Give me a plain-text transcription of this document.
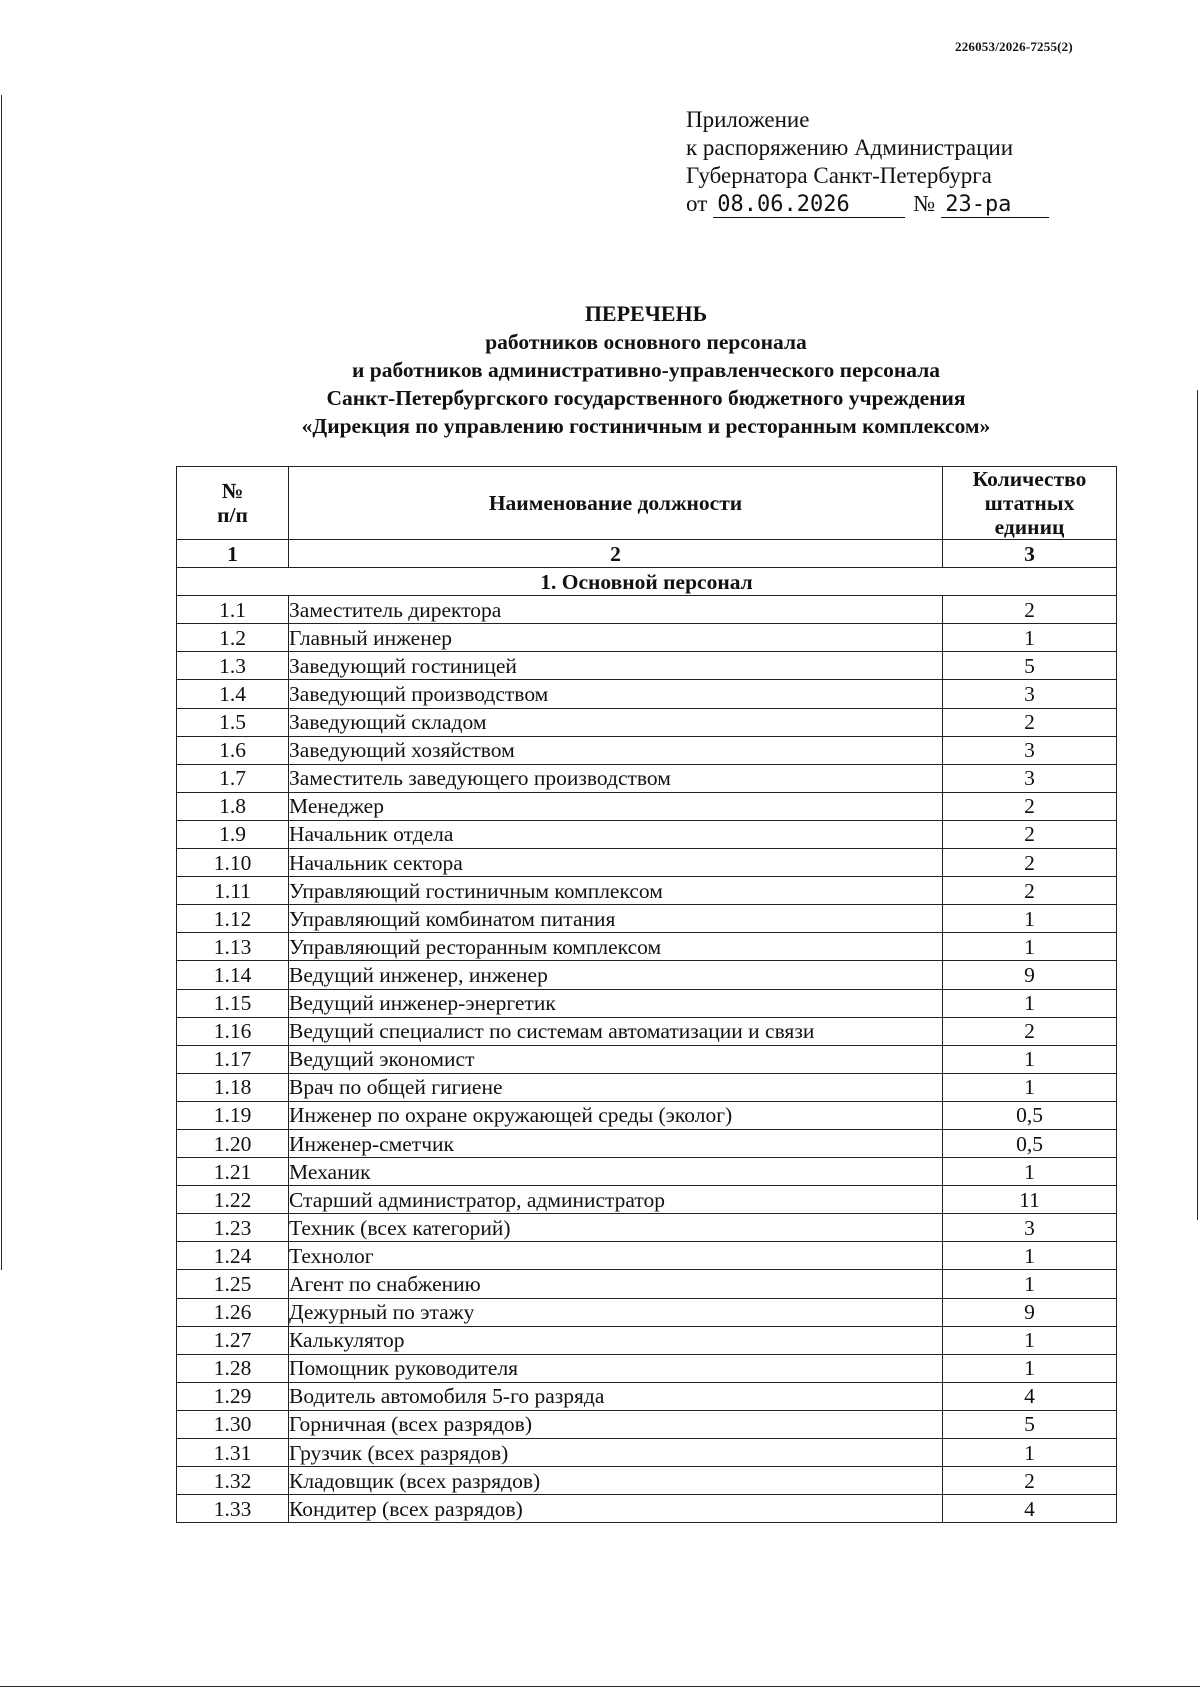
226053/2026-7255(2)
Приложение
к распоряжению Администрации
Губернатора Санкт-Петербурга
от 08.06.2026	№ 23-ра
ПЕРЕЧЕНЬ
работников основного персонала
и работников административно-управленческого персонала
Санкт-Петербургского государственного бюджетного учреждения
«Дирекция по управлению гостиничным и ресторанным комплексом»
№
п/п	Наименование должности	Количество
штатных
единиц
1	2	3
1. Основной персонал		
1.1	Заместитель директора	2
1.2	Главный инженер	1
1.3	Заведующий гостиницей	5
1.4	Заведующий производством	3
1.5	Заведующий складом	2
1.6	Заведующий хозяйством	3
1.7	Заместитель заведующего производством	3
1.8	Менеджер	2
1.9	Начальник отдела	2
1.10	Начальник сектора	2
1.11	Управляющий гостиничным комплексом	2
1.12	Управляющий комбинатом питания	1
1.13	Управляющий ресторанным комплексом	1
1.14	Ведущий инженер, инженер	9
1.15	Ведущий инженер-энергетик	1
1.16	Ведущий специалист по системам автоматизации и связи	2
1.17	Ведущий экономист	1
1.18	Врач по общей гигиене	1
1.19	Инженер по охране окружающей среды (эколог)	0,5
1.20	Инженер-сметчик	0,5
1.21	Механик	1
1.22	Старший администратор, администратор	11
1.23	Техник (всех категорий)	3
1.24	Технолог	1
1.25	Агент по снабжению	1
1.26	Дежурный по этажу	9
1.27	Калькулятор	1
1.28	Помощник руководителя	1
1.29	Водитель автомобиля 5-го разряда	4
1.30	Горничная (всех разрядов)	5
1.31	Грузчик (всех разрядов)	1
1.32	Кладовщик (всех разрядов)	2
1.33	Кондитер (всех разрядов)	4
